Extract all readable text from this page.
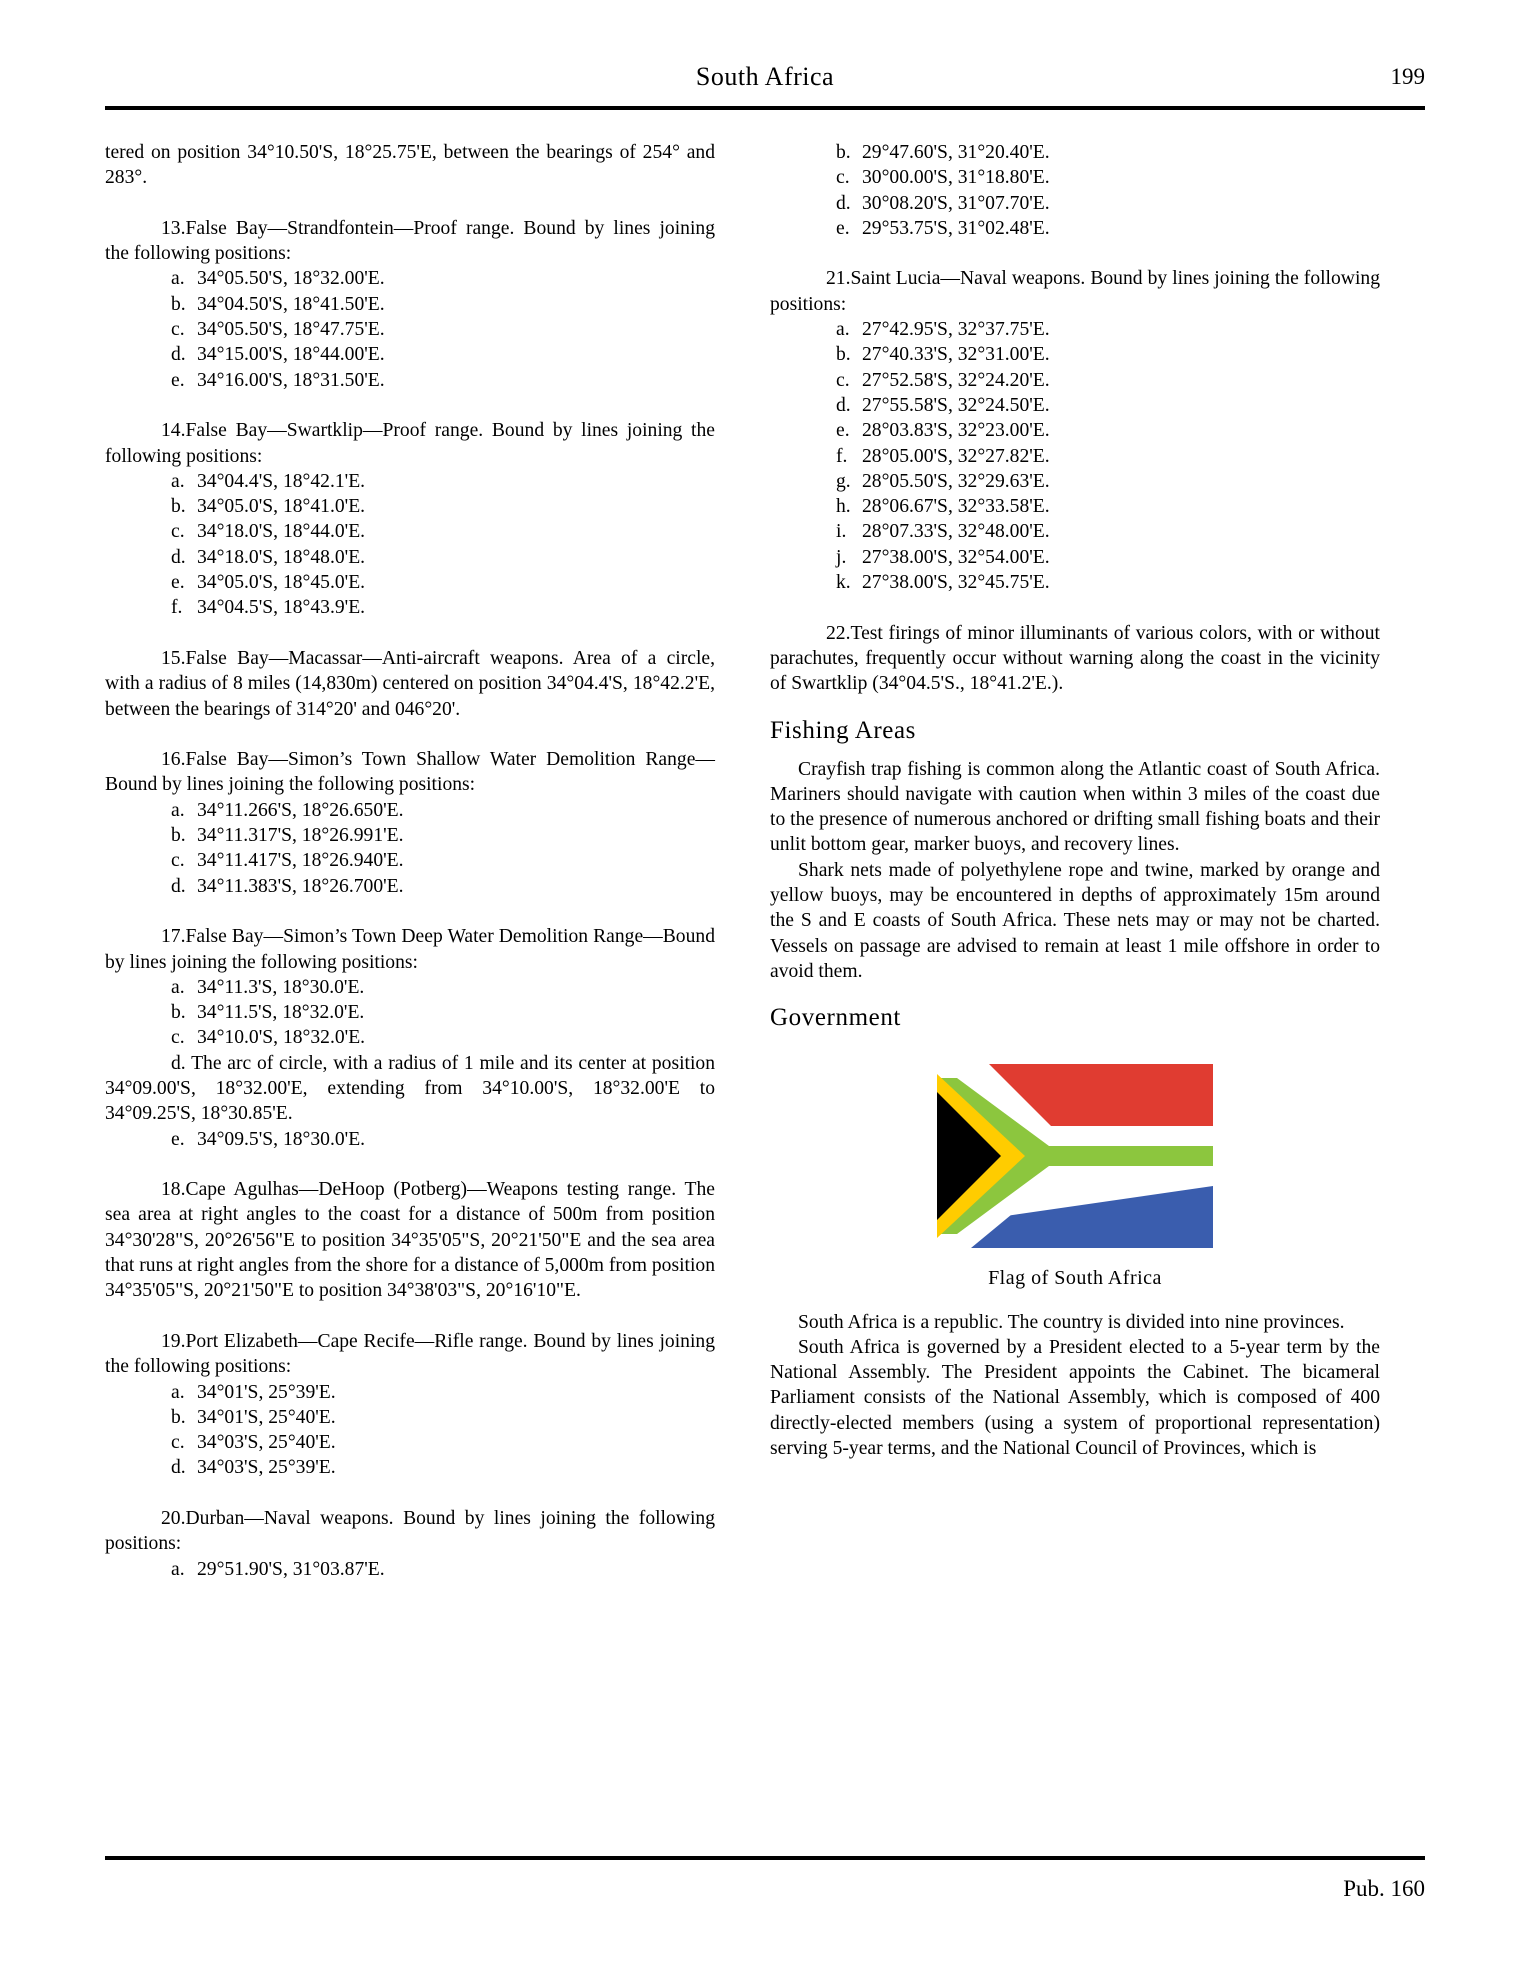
South Africa	199

tered on position 34°10.50'S, 18°25.75'E, between the bearings of 254° and 283°.

13.False Bay—Strandfontein—Proof range. Bound by lines joining the following positions:

a. 34°05.50'S, 18°32.00'E.

b. 34°04.50'S, 18°41.50'E.

c. 34°05.50'S, 18°47.75'E.

d. 34°15.00'S, 18°44.00'E.

e. 34°16.00'S, 18°31.50'E.

14.False Bay—Swartklip—Proof range. Bound by lines joining the following positions:

a. 34°04.4'S, 18°42.1'E.

b. 34°05.0'S, 18°41.0'E.

c. 34°18.0'S, 18°44.0'E.

d. 34°18.0'S, 18°48.0'E.

e. 34°05.0'S, 18°45.0'E.

f. 34°04.5'S, 18°43.9'E.

15.False Bay—Macassar—Anti-aircraft weapons. Area of a circle, with a radius of 8 miles (14,830m) centered on position 34°04.4'S, 18°42.2'E, between the bearings of 314°20' and 046°20'.

16.False Bay—Simon’s Town Shallow Water Demolition Range—Bound by lines joining the following positions:

a. 34°11.266'S, 18°26.650'E.

b. 34°11.317'S, 18°26.991'E.

c. 34°11.417'S, 18°26.940'E.

d. 34°11.383'S, 18°26.700'E.

17.False Bay—Simon’s Town Deep Water Demolition Range—Bound by lines joining the following positions:

a. 34°11.3'S, 18°30.0'E.

b. 34°11.5'S, 18°32.0'E.

c. 34°10.0'S, 18°32.0'E.

d. The arc of circle, with a radius of 1 mile and its center at position 34°09.00'S, 18°32.00'E, extending from 34°10.00'S, 18°32.00'E to 34°09.25'S, 18°30.85'E.

e. 34°09.5'S, 18°30.0'E.

18.Cape Agulhas—DeHoop (Potberg)—Weapons testing range. The sea area at right angles to the coast for a distance of 500m from position 34°30'28"S, 20°26'56"E to position 34°35'05"S, 20°21'50"E and the sea area that runs at right angles from the shore for a distance of 5,000m from position 34°35'05"S, 20°21'50"E to position 34°38'03"S, 20°16'10"E.

19.Port Elizabeth—Cape Recife—Rifle range. Bound by lines joining the following positions:

a. 34°01'S, 25°39'E.

b. 34°01'S, 25°40'E.

c. 34°03'S, 25°40'E.

d. 34°03'S, 25°39'E.

20.Durban—Naval weapons. Bound by lines joining the following positions:

a. 29°51.90'S, 31°03.87'E.

b. 29°47.60'S, 31°20.40'E.

c. 30°00.00'S, 31°18.80'E.

d. 30°08.20'S, 31°07.70'E.

e. 29°53.75'S, 31°02.48'E.

21.Saint Lucia—Naval weapons. Bound by lines joining the following positions:

a. 27°42.95'S, 32°37.75'E.

b. 27°40.33'S, 32°31.00'E.

c. 27°52.58'S, 32°24.20'E.

d. 27°55.58'S, 32°24.50'E.

e. 28°03.83'S, 32°23.00'E.

f. 28°05.00'S, 32°27.82'E.

g. 28°05.50'S, 32°29.63'E.

h. 28°06.67'S, 32°33.58'E.

i. 28°07.33'S, 32°48.00'E.

j. 27°38.00'S, 32°54.00'E.

k. 27°38.00'S, 32°45.75'E.

22.Test firings of minor illuminants of various colors, with or without parachutes, frequently occur without warning along the coast in the vicinity of Swartklip (34°04.5'S., 18°41.2'E.).

Fishing Areas

Crayfish trap fishing is common along the Atlantic coast of South Africa. Mariners should navigate with caution when within 3 miles of the coast due to the presence of numerous anchored or drifting small fishing boats and their unlit bottom gear, marker buoys, and recovery lines.

Shark nets made of polyethylene rope and twine, marked by orange and yellow buoys, may be encountered in depths of approximately 15m around the S and E coasts of South Africa. These nets may or may not be charted. Vessels on passage are advised to remain at least 1 mile offshore in order to avoid them.

Government
Flag of South Africa

South Africa is a republic. The country is divided into nine provinces.

South Africa is governed by a President elected to a 5-year term by the National Assembly. The President appoints the Cabinet. The bicameral Parliament consists of the National Assembly, which is composed of 400 directly-elected members (using a system of proportional representation) serving 5-year terms, and the National Council of Provinces, which is

Pub. 160
